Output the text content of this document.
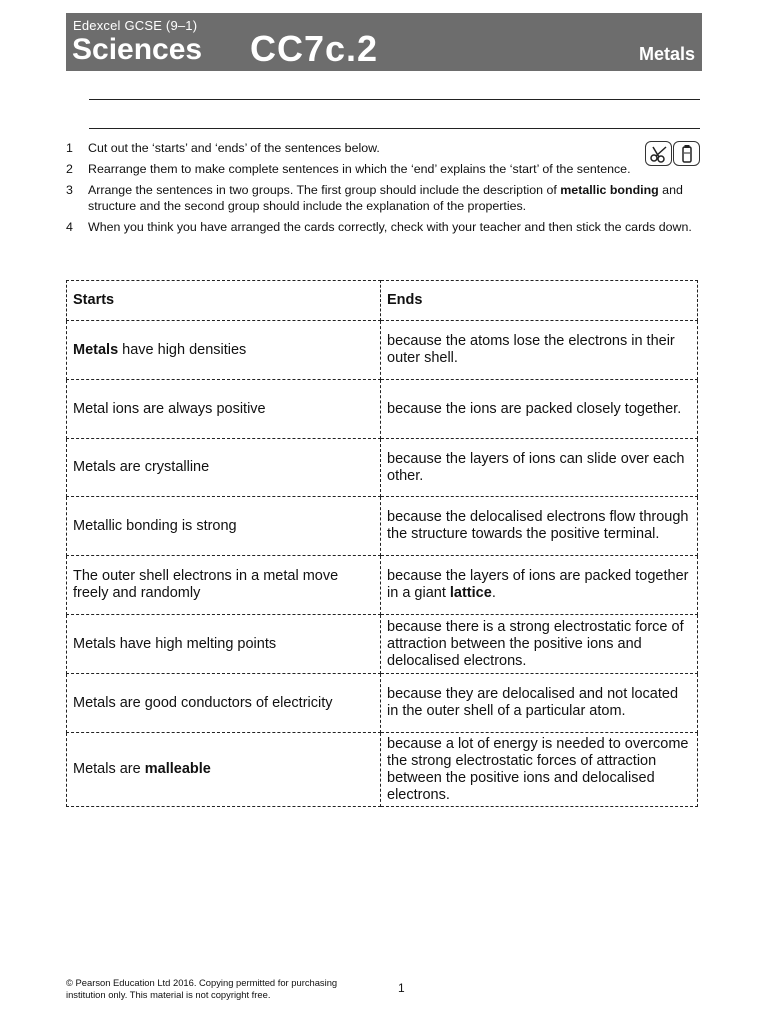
Edexcel GCSE (9–1)
Sciences CC7c.2	Metals
1 Cut out the ‘starts’ and ‘ends’ of the sentences below.
2 Rearrange them to make complete sentences in which the ‘end’ explains the ‘start’ of the sentence.
3 Arrange the sentences in two groups. The first group should include the description of metallic bonding and structure and the second group should include the explanation of the properties.
4 When you think you have arranged the cards correctly, check with your teacher and then stick the cards down.
Starts	Ends
Metals have high densities	because the atoms lose the electrons in their outer shell.
Metal ions are always positive	because the ions are packed closely together.
Metals are crystalline	because the layers of ions can slide over each other.
Metallic bonding is strong	because the delocalised electrons flow through the structure towards the positive terminal.
The outer shell electrons in a metal move freely and randomly	because the layers of ions are packed together in a giant lattice.
Metals have high melting points	because there is a strong electrostatic force of attraction between the positive ions and delocalised electrons.
Metals are good conductors of electricity	because they are delocalised and not located in the outer shell of a particular atom.
Metals are malleable	because a lot of energy is needed to overcome the strong electrostatic forces of attraction between the positive ions and delocalised electrons.
© Pearson Education Ltd 2016. Copying permitted for purchasing institution only. This material is not copyright free.	1
